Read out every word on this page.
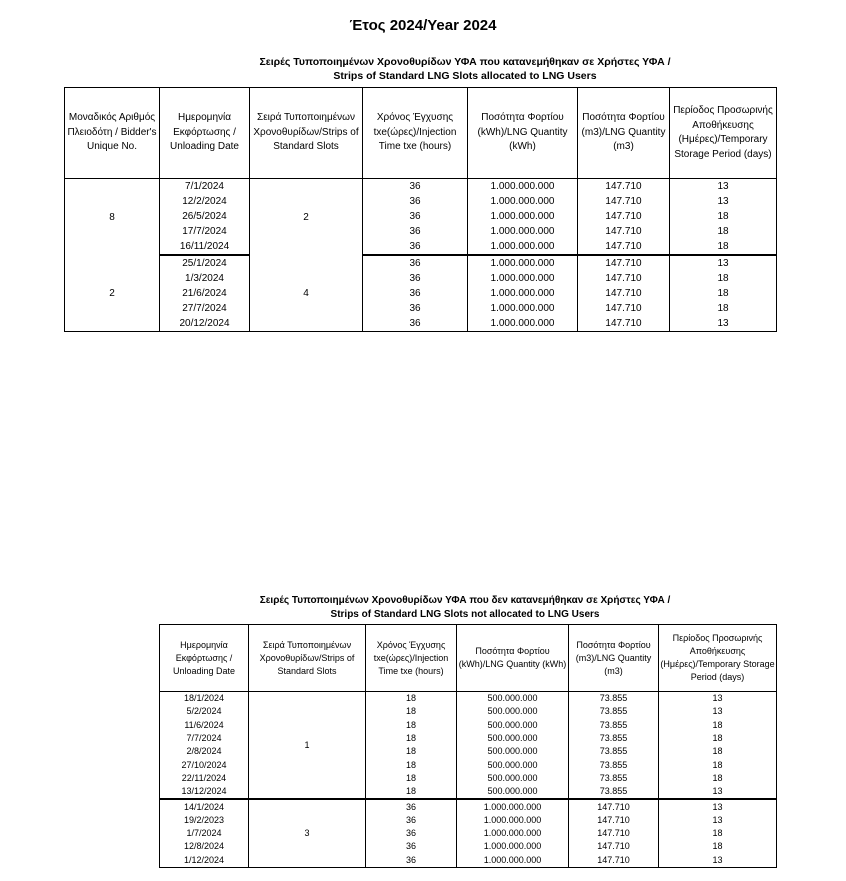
Έτος 2024/Year 2024
Σειρές Τυποποιημένων Χρονοθυρίδων ΥΦΑ που κατανεμήθηκαν σε Χρήστες ΥΦΑ /
Strips of Standard LNG Slots allocated to LNG Users
Μοναδικός Αριθμός Πλειοδότη / Bidder's Unique No.	Ημερομηνία Εκφόρτωσης / Unloading Date	Σειρά Τυποποιημένων Χρονοθυρίδων/Strips of Standard Slots	Χρόνος Έγχυσης txe(ώρες)/Injection Time txe (hours)	Ποσότητα Φορτίου (kWh)/LNG Quantity (kWh)	Ποσότητα Φορτίου (m3)/LNG Quantity (m3)	Περίοδος Προσωρινής Αποθήκευσης (Ημέρες)/Temporary Storage Period (days)
8	7/1/2024	2	36	1.000.000.000	147.710	13
	12/2/2024		36	1.000.000.000	147.710	13
	26/5/2024		36	1.000.000.000	147.710	18
	17/7/2024		36	1.000.000.000	147.710	18
	16/11/2024		36	1.000.000.000	147.710	18
2	25/1/2024	4	36	1.000.000.000	147.710	13
	1/3/2024		36	1.000.000.000	147.710	18
	21/6/2024		36	1.000.000.000	147.710	18
	27/7/2024		36	1.000.000.000	147.710	18
	20/12/2024		36	1.000.000.000	147.710	13
Σειρές Τυποποιημένων Χρονοθυρίδων ΥΦΑ που δεν κατανεμήθηκαν σε Χρήστες ΥΦΑ /
Strips of Standard LNG Slots not allocated to LNG Users
Ημερομηνία Εκφόρτωσης / Unloading Date	Σειρά Τυποποιημένων Χρονοθυρίδων/Strips of Standard Slots	Χρόνος Έγχυσης txe(ώρες)/Injection Time txe (hours)	Ποσότητα Φορτίου (kWh)/LNG Quantity (kWh)	Ποσότητα Φορτίου (m3)/LNG Quantity (m3)	Περίοδος Προσωρινής Αποθήκευσης (Ημέρες)/Temporary Storage Period (days)
18/1/2024	1	18	500.000.000	73.855	13
5/2/2024		18	500.000.000	73.855	13
11/6/2024		18	500.000.000	73.855	18
7/7/2024		18	500.000.000	73.855	18
2/8/2024		18	500.000.000	73.855	18
27/10/2024		18	500.000.000	73.855	18
22/11/2024		18	500.000.000	73.855	18
13/12/2024		18	500.000.000	73.855	13
14/1/2024	3	36	1.000.000.000	147.710	13
19/2/2023		36	1.000.000.000	147.710	13
1/7/2024		36	1.000.000.000	147.710	18
12/8/2024		36	1.000.000.000	147.710	18
1/12/2024		36	1.000.000.000	147.710	13
